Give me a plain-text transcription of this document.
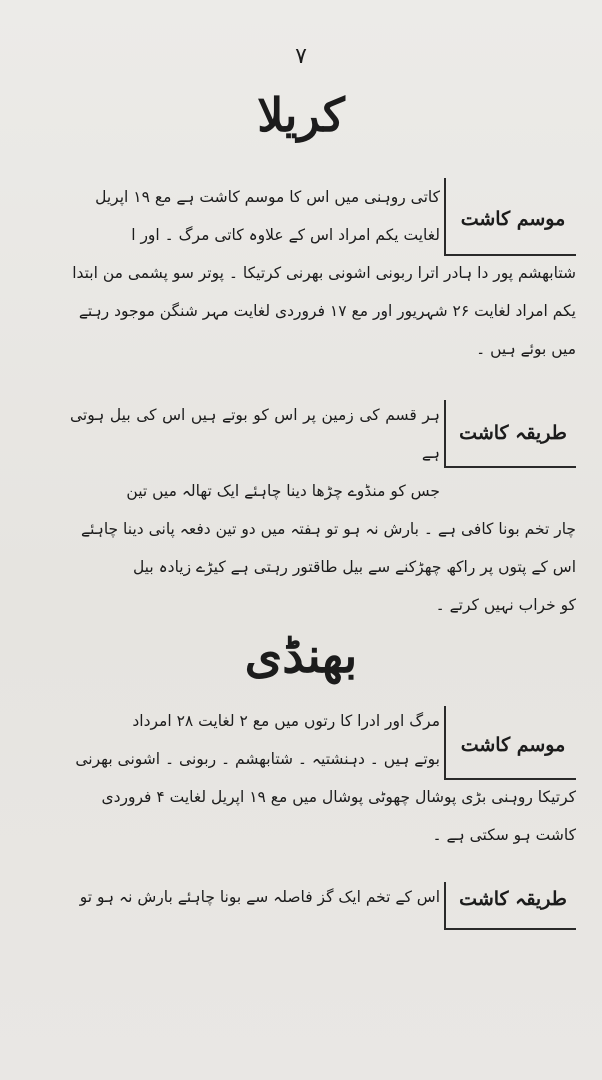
۷
کریلا
موسم کاشت

کاتی روہنی میں اس کا موسم کاشت ہے مع ۱۹ اپریل

لغایت یکم امراد اس کے علاوہ کاتی مرگ ۔ اور ا

شتابھشم پور دا ہادر اترا ربونی اشونی بھرنی کرتیکا ۔ پوتر سو پشمی من ابتدا

یکم امراد لغایت ۲۶ شہریور اور مع ۱۷ فروردی لغایت مہر شنگن موجود رہتے

میں بوئے ہیں ۔

طریقہ کاشت

ہر قسم کی زمین پر اس کو بوتے ہیں اس کی بیل ہوتی ہے

جس کو منڈوے چڑھا دینا چاہئے ایک تھالہ میں تین

چار تخم بونا کافی ہے ۔ بارش نہ ہو تو ہفتہ میں دو تین دفعہ پانی دینا چاہئے

اس کے پتوں پر راکھ چھڑکنے سے بیل طاقتور رہتی ہے کیڑے زیادہ بیل

کو خراب نہیں کرتے ۔

بھنڈی
موسم کاشت

مرگ اور ادرا کا رتوں میں مع ۲ لغایت ۲۸ امرداد

بوتے ہیں ۔ دہنشتیہ ۔ شتابھشم ۔ ربونی ۔ اشونی بھرنی

کرتیکا روہنی بڑی پوشال چھوٹی پوشال میں مع ۱۹ اپریل لغایت ۴ فروردی

کاشت ہو سکتی ہے ۔

طریقہ کاشت

اس کے تخم ایک گز فاصلہ سے بونا چاہئے بارش نہ ہو تو
